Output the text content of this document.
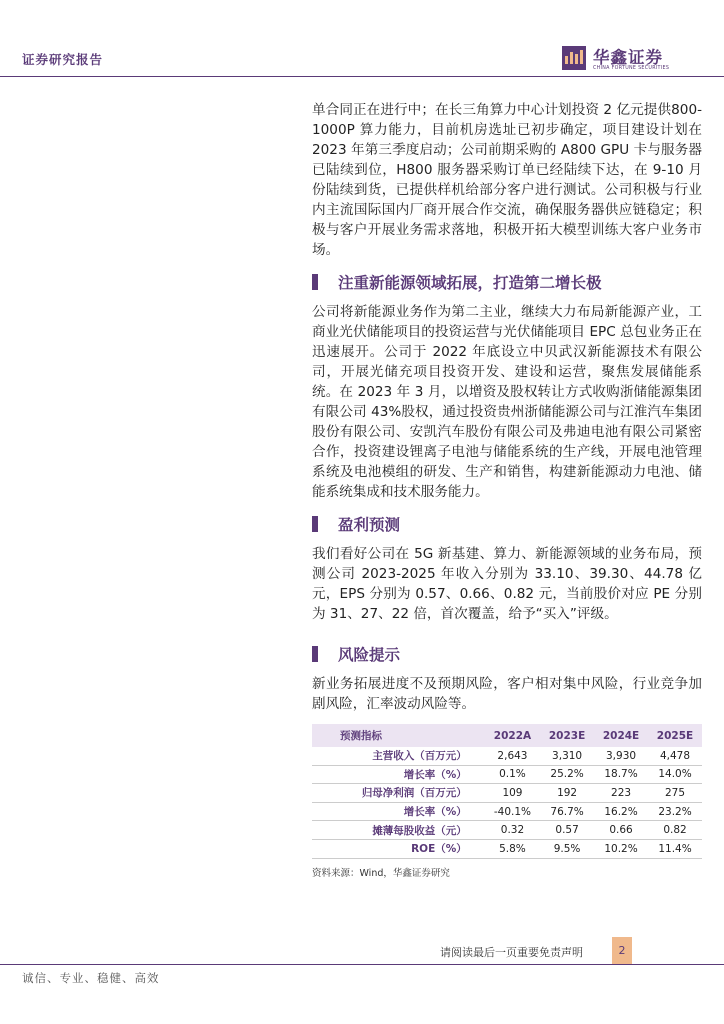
证券研究报告	华鑫证券
CHINA FORTUNE SECURITIES

单合同正在进行中；在长三角算力中心计划投资 2 亿元提供800-1000P 算力能力，目前机房选址已初步确定，项目建设计划在 2023 年第三季度启动；公司前期采购的 A800 GPU 卡与服务器已陆续到位，H800 服务器采购订单已经陆续下达，在 9-10 月份陆续到货，已提供样机给部分客户进行测试。公司积极与行业内主流国际国内厂商开展合作交流，确保服务器供应链稳定；积极与客户开展业务需求落地，积极开拓大模型训练大客户业务市场。

注重新能源领域拓展，打造第二增长极

公司将新能源业务作为第二主业，继续大力布局新能源产业，工商业光伏储能项目的投资运营与光伏储能项目 EPC 总包业务正在迅速展开。公司于 2022 年底设立中贝武汉新能源技术有限公司，开展光储充项目投资开发、建设和运营，聚焦发展储能系统。在 2023 年 3 月，以增资及股权转让方式收购浙储能源集团有限公司 43%股权，通过投资贵州浙储能源公司与江淮汽车集团股份有限公司、安凯汽车股份有限公司及弗迪电池有限公司紧密合作，投资建设锂离子电池与储能系统的生产线，开展电池管理系统及电池模组的研发、生产和销售，构建新能源动力电池、储能系统集成和技术服务能力。

盈利预测

我们看好公司在 5G 新基建、算力、新能源领域的业务布局，预测公司 2023-2025 年收入分别为 33.10、39.30、44.78 亿元，EPS 分别为 0.57、0.66、0.82 元，当前股价对应 PE 分别为 31、27、22 倍，首次覆盖，给予“买入”评级。

风险提示

新业务拓展进度不及预期风险，客户相对集中风险，行业竞争加剧风险，汇率波动风险等。

预测指标	2022A	2023E	2024E	2025E
主营收入（百万元）	2,643	3,310	3,930	4,478
增长率（%）	0.1%	25.2%	18.7%	14.0%
归母净利润（百万元）	109	192	223	275
增长率（%）	-40.1%	76.7%	16.2%	23.2%
摊薄每股收益（元）	0.32	0.57	0.66	0.82
ROE（%）	5.8%	9.5%	10.2%	11.4%
资料来源：Wind，华鑫证券研究
请阅读最后一页重要免责声明	2
诚信、专业、稳健、高效
